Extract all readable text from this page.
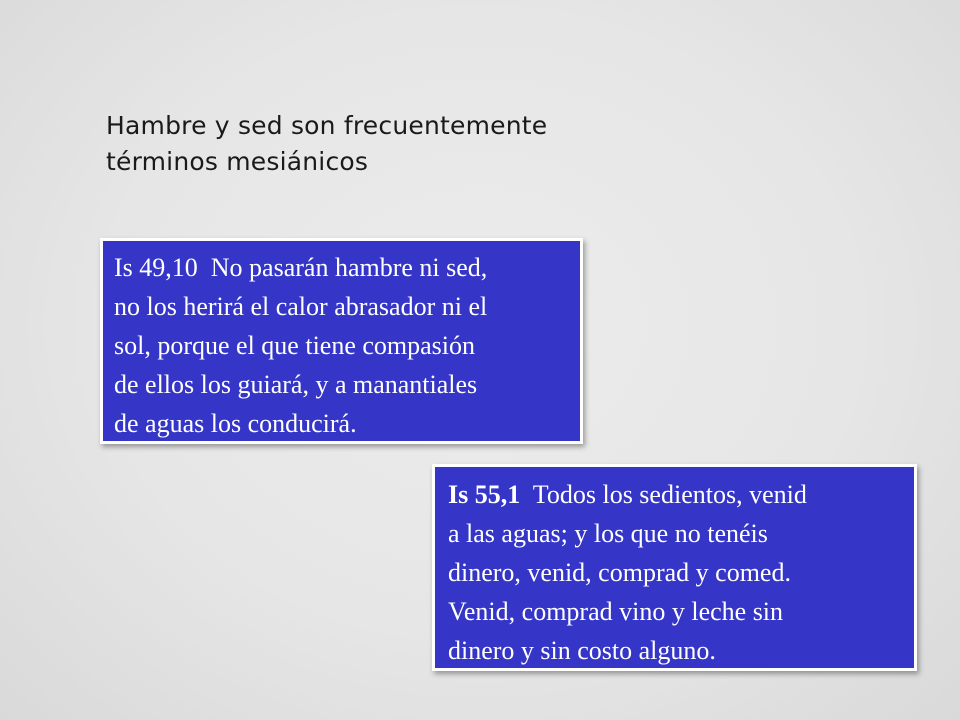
Hambre y sed son frecuentemente
términos mesiánicos
Is 49,10  No pasarán hambre ni sed,
no los herirá el calor abrasador ni el
sol, porque el que tiene compasión
de ellos los guiará, y a manantiales
de aguas los conducirá.
Is 55,1  Todos los sedientos, venid
a las aguas; y los que no tenéis
dinero, venid, comprad y comed.
Venid, comprad vino y leche sin
dinero y sin costo alguno.
